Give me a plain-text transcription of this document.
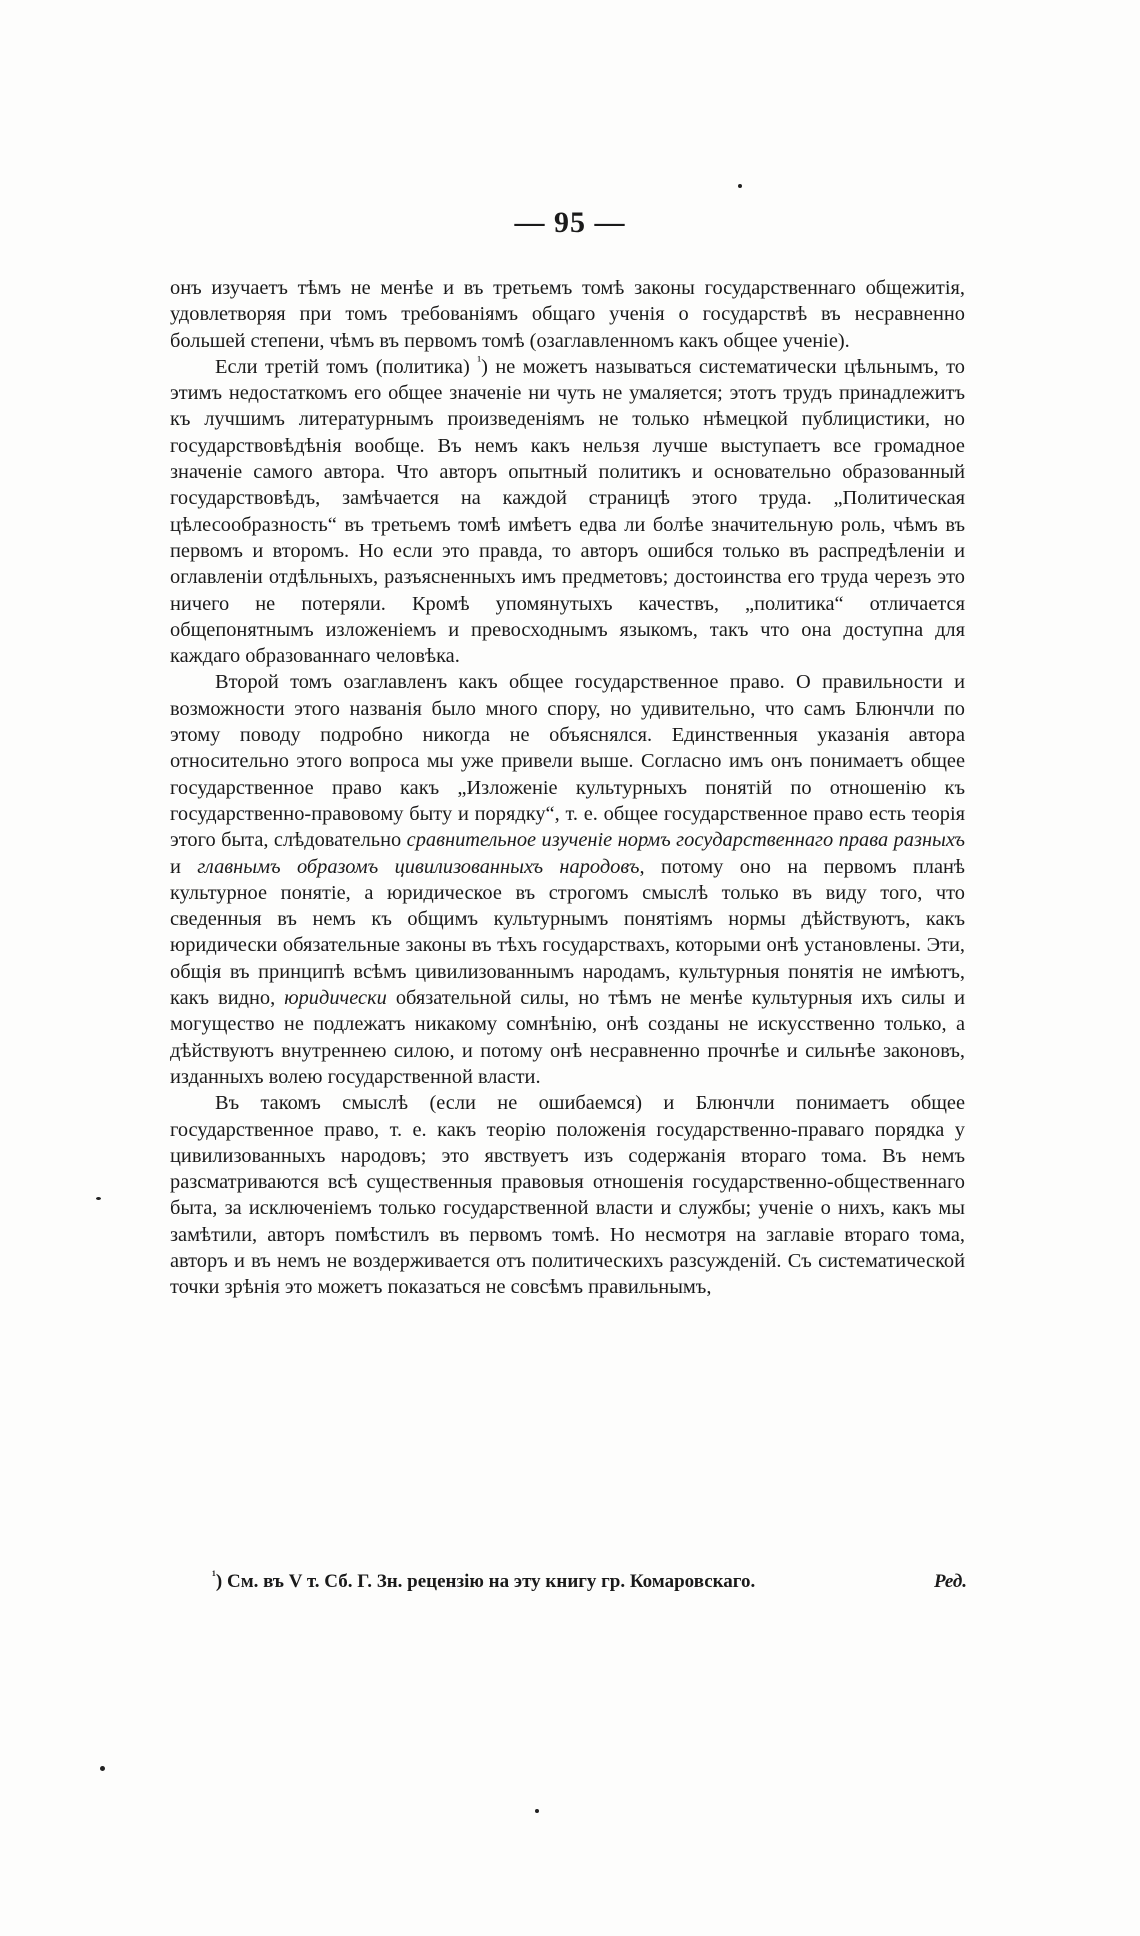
— 95 —

онъ изучаетъ тѣмъ не менѣе и въ третьемъ томѣ законы государственнаго общежитія, удовлетворяя при томъ требованіямъ общаго ученія о государствѣ въ несравненно большей степени, чѣмъ въ первомъ томѣ (озаглавленномъ какъ общее ученіе).

Если третій томъ (политика) $^{^1}$) не можетъ называться систематически цѣльнымъ, то этимъ недостаткомъ его общее значеніе ни чуть не умаляется; этотъ трудъ принадлежитъ къ лучшимъ литературнымъ произведеніямъ не только нѣмецкой публицистики, но государствовѣдѣнія вообще. Въ немъ какъ нельзя лучше выступаетъ все громадное значеніе самого автора. Что авторъ опытный политикъ и основательно образованный государствовѣдъ, замѣчается на каждой страницѣ этого труда. „Политическая цѣлесообразность“ въ третьемъ томѣ имѣетъ едва ли болѣе значительную роль, чѣмъ въ первомъ и второмъ. Но если это правда, то авторъ ошибся только въ распредѣленіи и оглавленіи отдѣльныхъ, разъясненныхъ имъ предметовъ; достоинства его труда черезъ это ничего не потеряли. Кромѣ упомянутыхъ качествъ, „политика“ отличается общепонятнымъ изложеніемъ и превосходнымъ языкомъ, такъ что она доступна для каждаго образованнаго человѣка.

Второй томъ озаглавленъ какъ общее государственное право. О правильности и возможности этого названія было много спору, но удивительно, что самъ Блюнчли по этому поводу подробно никогда не объяснялся. Единственныя указанія автора относительно этого вопроса мы уже привели выше. Согласно имъ онъ понимаетъ общее государственное право какъ „Изложеніе культурныхъ понятій по отношенію къ государственно-правовому быту и порядку“, т. е. общее государственное право есть теорія этого быта, слѣдовательно сравнительное изученіе нормъ государственнаго права разныхъ и главнымъ образомъ цивилизованныхъ народовъ, потому оно на первомъ планѣ культурное понятіе, а юридическое въ строгомъ смыслѣ только въ виду того, что сведенныя въ немъ къ общимъ культурнымъ понятіямъ нормы дѣйствуютъ, какъ юридически обязательные законы въ тѣхъ государствахъ, которыми онѣ установлены. Эти, общія въ принципѣ всѣмъ цивилизованнымъ народамъ, культурныя понятія не имѣютъ, какъ видно, юридически обязательной силы, но тѣмъ не менѣе культурныя ихъ силы и могущество не подлежатъ никакому сомнѣнію, онѣ созданы не искусственно только, а дѣйствуютъ внутреннею силою, и потому онѣ несравненно прочнѣе и сильнѣе законовъ, изданныхъ волею государственной власти.

Въ такомъ смыслѣ (если не ошибаемся) и Блюнчли понимаетъ общее государственное право, т. е. какъ теорію положенія государственно-праваго порядка у цивилизованныхъ народовъ; это явствуетъ изъ содержанія втораго тома. Въ немъ разсматриваются всѣ существенныя правовыя отношенія государственно-общественнаго быта, за исключеніемъ только государственной власти и службы; ученіе о нихъ, какъ мы замѣтили, авторъ помѣстилъ въ первомъ томѣ. Но несмотря на заглавіе втораго тома, авторъ и въ немъ не воздерживается отъ политическихъ разсужденій. Съ систематической точки зрѣнія это можетъ показаться не совсѣмъ правильнымъ,

$^{^1}$) См. въ V т. Сб. Г. Зн. рецензію на эту книгу гр. Комаровскаго.	Ред.
